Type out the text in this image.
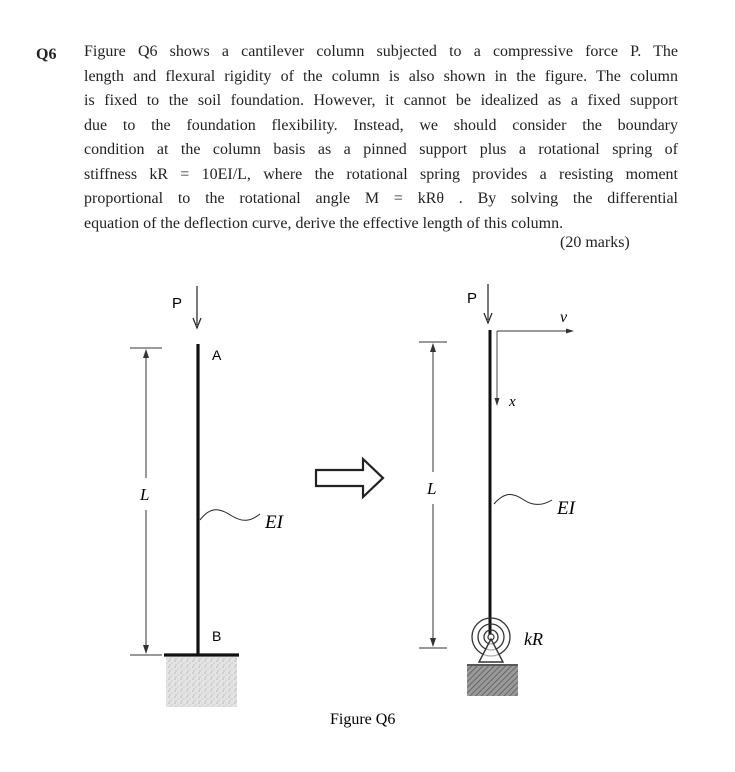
Q6 Figure Q6 shows a cantilever column subjected to a compressive force P. The
length and flexural rigidity of the column is also shown in the figure. The column
is fixed to the soil foundation. However, it cannot be idealized as a fixed support
due to the foundation flexibility. Instead, we should consider the boundary
condition at the column basis as a pinned support plus a rotational spring of
stiffness kR = 10EI/L, where the rotational spring provides a resisting moment
proportional to the rotational angle M = kRθ . By solving the differential
equation of the deflection curve, derive the effective length of this column.
(20 marks)
P
A
B
L
EI
P
v
x
L
EI
kR
Figure Q6
